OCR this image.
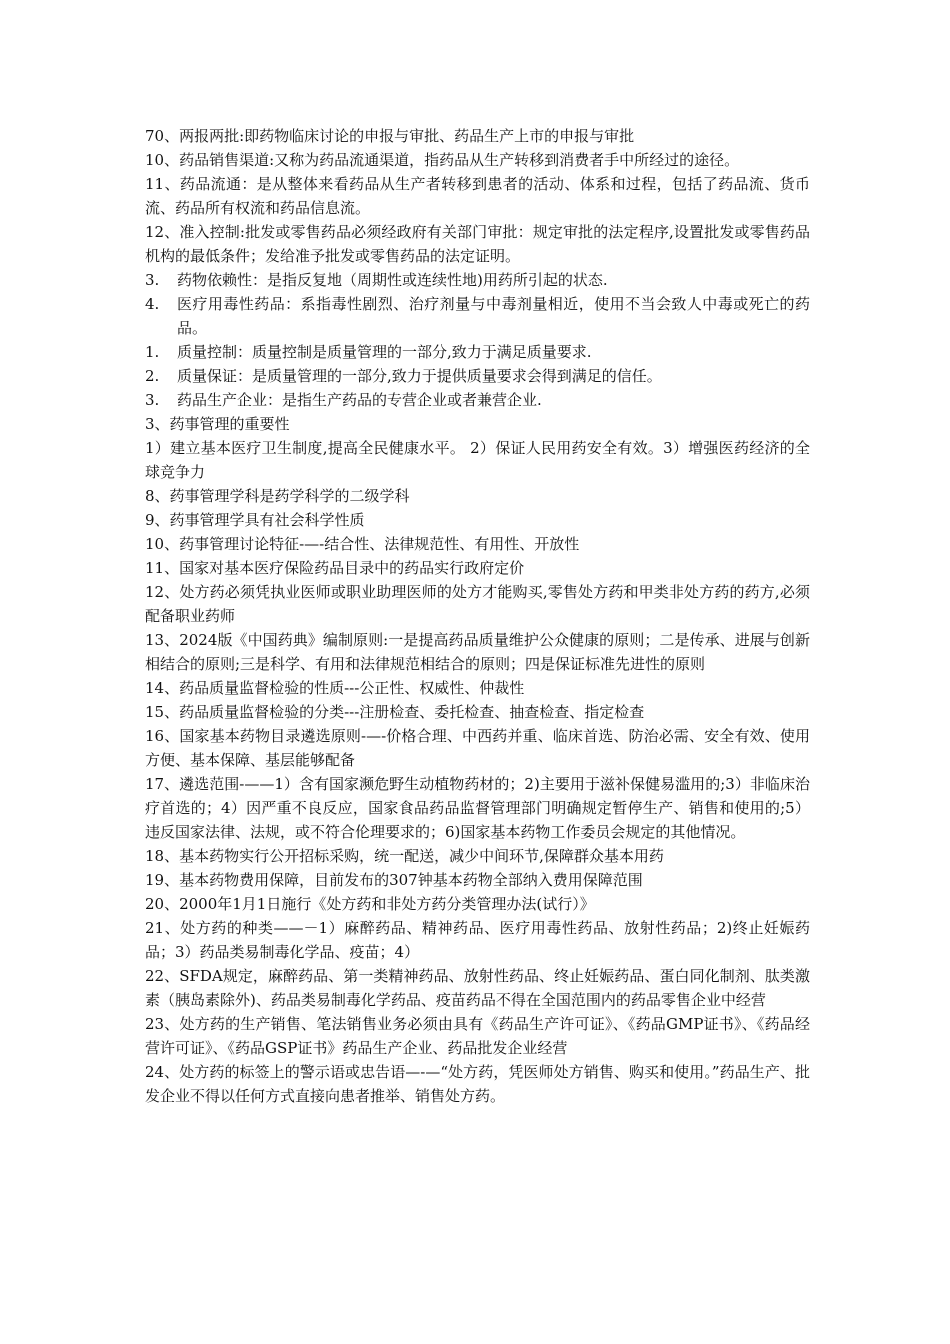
70、两报两批:即药物临床讨论的申报与审批、药品生产上市的申报与审批

10、药品销售渠道:又称为药品流通渠道，指药品从生产转移到消费者手中所经过的途径。

11、药品流通：是从整体来看药品从生产者转移到患者的活动、体系和过程，包括了药品流、货币流、药品所有权流和药品信息流。

12、准入控制:批发或零售药品必须经政府有关部门审批：规定审批的法定程序,设置批发或零售药品机构的最低条件；发给准予批发或零售药品的法定证明。

3.	药物依赖性：是指反复地（周期性或连续性地)用药所引起的状态.
4.	医疗用毒性药品：系指毒性剧烈、治疗剂量与中毒剂量相近，使用不当会致人中毒或死亡的药品。
1.	质量控制：质量控制是质量管理的一部分,致力于满足质量要求.
2.	质量保证：是质量管理的一部分,致力于提供质量要求会得到满足的信任。
3.	药品生产企业：是指生产药品的专营企业或者兼营企业.

3、药事管理的重要性

1）建立基本医疗卫生制度,提高全民健康水平。 2）保证人民用药安全有效。3）增强医药经济的全球竞争力

8、药事管理学科是药学科学的二级学科

9、药事管理学具有社会科学性质

10、药事管理讨论特征-—-结合性、法律规范性、有用性、开放性

11、国家对基本医疗保险药品目录中的药品实行政府定价

12、处方药必须凭执业医师或职业助理医师的处方才能购买,零售处方药和甲类非处方药的药方,必须配备职业药师

13、2024版《中国药典》编制原则:一是提高药品质量维护公众健康的原则；二是传承、进展与创新相结合的原则;三是科学、有用和法律规范相结合的原则；四是保证标准先进性的原则

14、药品质量监督检验的性质---公正性、权威性、仲裁性

15、药品质量监督检验的分类---注册检查、委托检查、抽查检查、指定检查

16、国家基本药物目录遴选原则-—-价格合理、中西药并重、临床首选、防治必需、安全有效、使用方便、基本保障、基层能够配备

17、遴选范围-——1）含有国家濒危野生动植物药材的；2)主要用于滋补保健易滥用的;3）非临床治疗首选的；4）因严重不良反应，国家食品药品监督管理部门明确规定暂停生产、销售和使用的;5）违反国家法律、法规，或不符合伦理要求的；6)国家基本药物工作委员会规定的其他情况。

18、基本药物实行公开招标采购，统一配送，减少中间环节,保障群众基本用药

19、基本药物费用保障，目前发布的307钟基本药物全部纳入费用保障范围

20、2000年1月1日施行《处方药和非处方药分类管理办法(试行）》

21、处方药的种类——－1）麻醉药品、精神药品、医疗用毒性药品、放射性药品；2)终止妊娠药品；3）药品类易制毒化学品、疫苗；4）

22、SFDA规定，麻醉药品、第一类精神药品、放射性药品、终止妊娠药品、蛋白同化制剂、肽类激素（胰岛素除外)、药品类易制毒化学药品、疫苗药品不得在全国范围内的药品零售企业中经营

23、处方药的生产销售、笔法销售业务必须由具有《药品生产许可证》、《药品GMP证书》、《药品经营许可证》、《药品GSP证书》药品生产企业、药品批发企业经营

24、处方药的标签上的警示语或忠告语—-—“处方药，凭医师处方销售、购买和使用。”药品生产、批发企业不得以任何方式直接向患者推举、销售处方药。
